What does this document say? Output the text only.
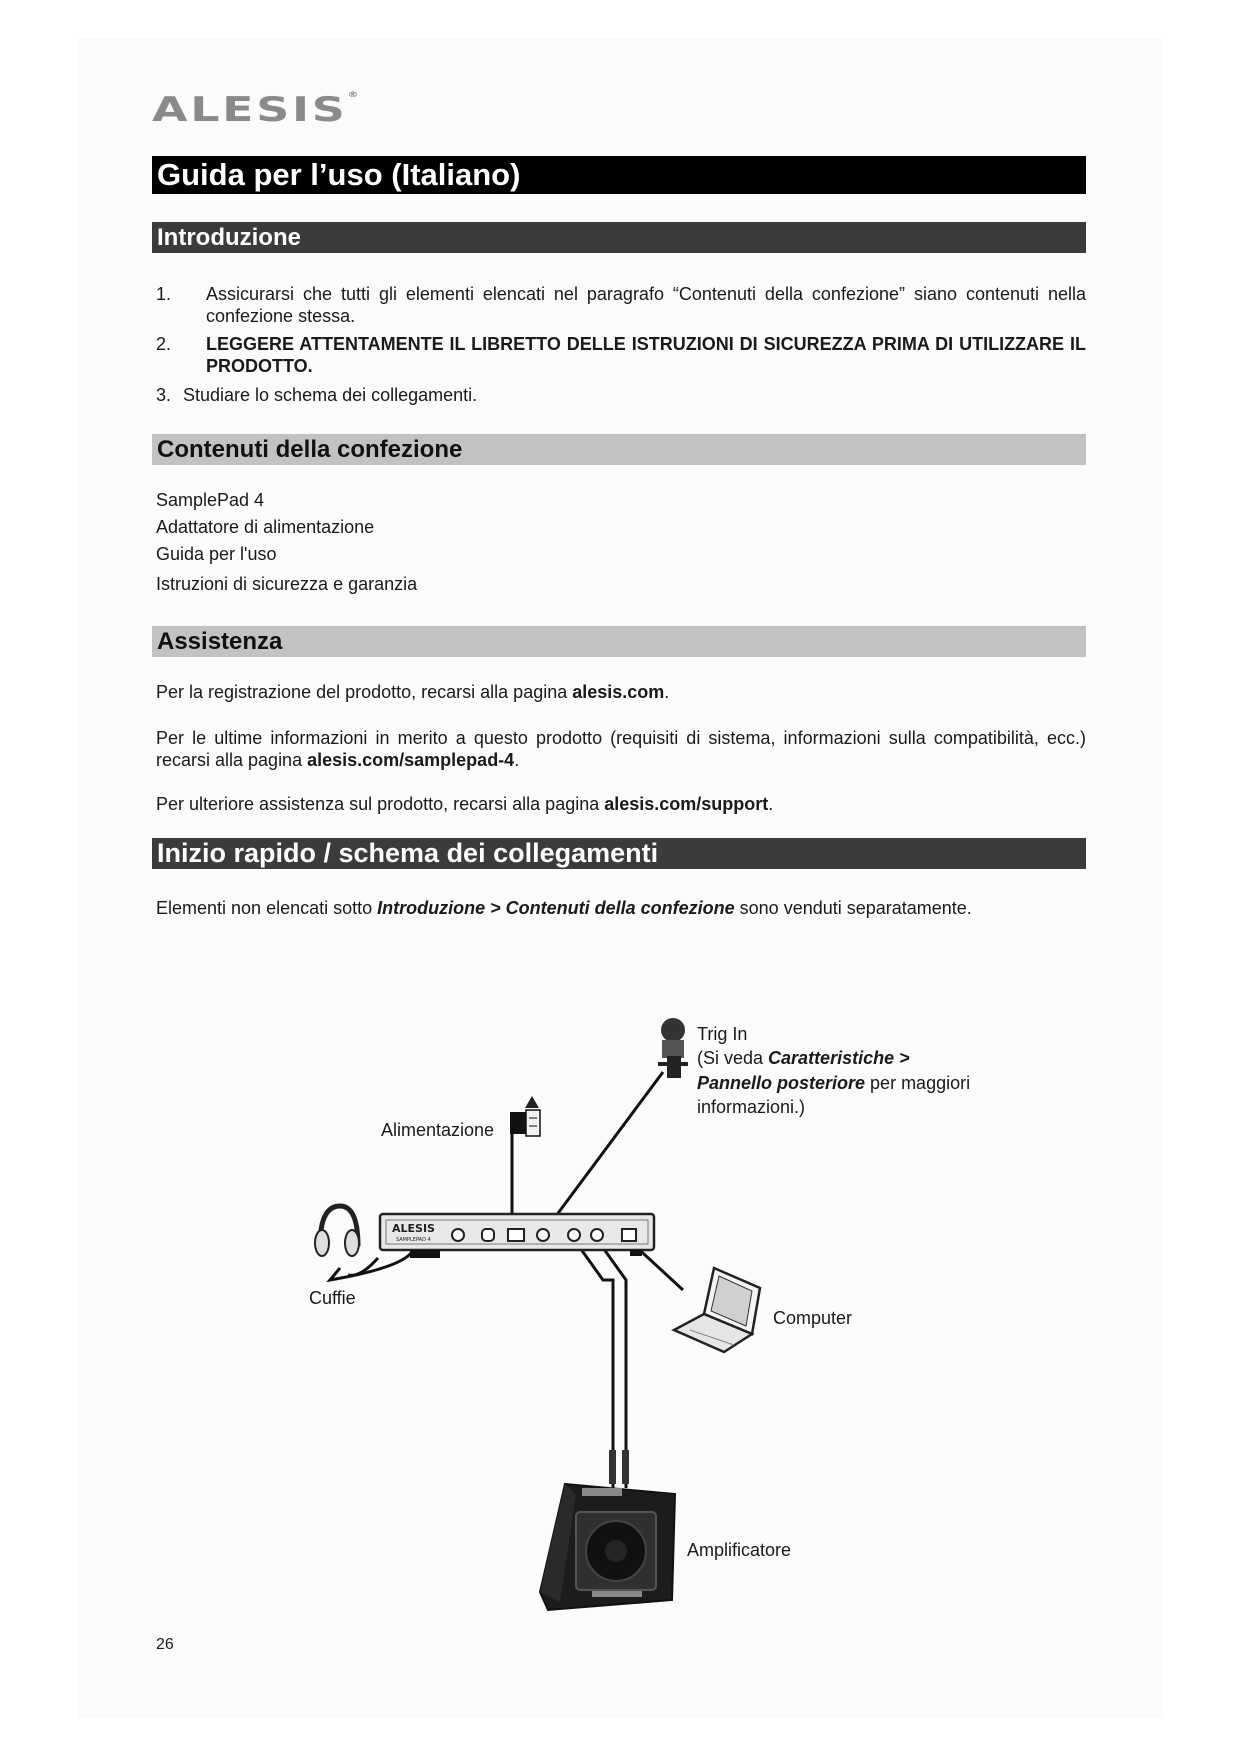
ALESIS®
Guida per l’uso (Italiano)
Introduzione
1. Assicurarsi che tutti gli elementi elencati nel paragrafo “Contenuti della confezione” siano contenuti nella confezione stessa.
2. LEGGERE ATTENTAMENTE IL LIBRETTO DELLE ISTRUZIONI DI SICUREZZA PRIMA DI UTILIZZARE IL PRODOTTO.
3. Studiare lo schema dei collegamenti.
Contenuti della confezione
SamplePad 4
Adattatore di alimentazione
Guida per l'uso
Istruzioni di sicurezza e garanzia
Assistenza
Per la registrazione del prodotto, recarsi alla pagina alesis.com.
Per le ultime informazioni in merito a questo prodotto (requisiti di sistema, informazioni sulla compatibilità, ecc.) recarsi alla pagina alesis.com/samplepad-4.
Per ulteriore assistenza sul prodotto, recarsi alla pagina alesis.com/support.
Inizio rapido / schema dei collegamenti
Elementi non elencati sotto Introduzione > Contenuti della confezione sono venduti separatamente.
ALESIS
SAMPLEPAD 4
Trig In
(Si veda Caratteristiche >
Pannello posteriore per maggiori
informazioni.)
Alimentazione
Cuffie
Computer
Amplificatore
26
